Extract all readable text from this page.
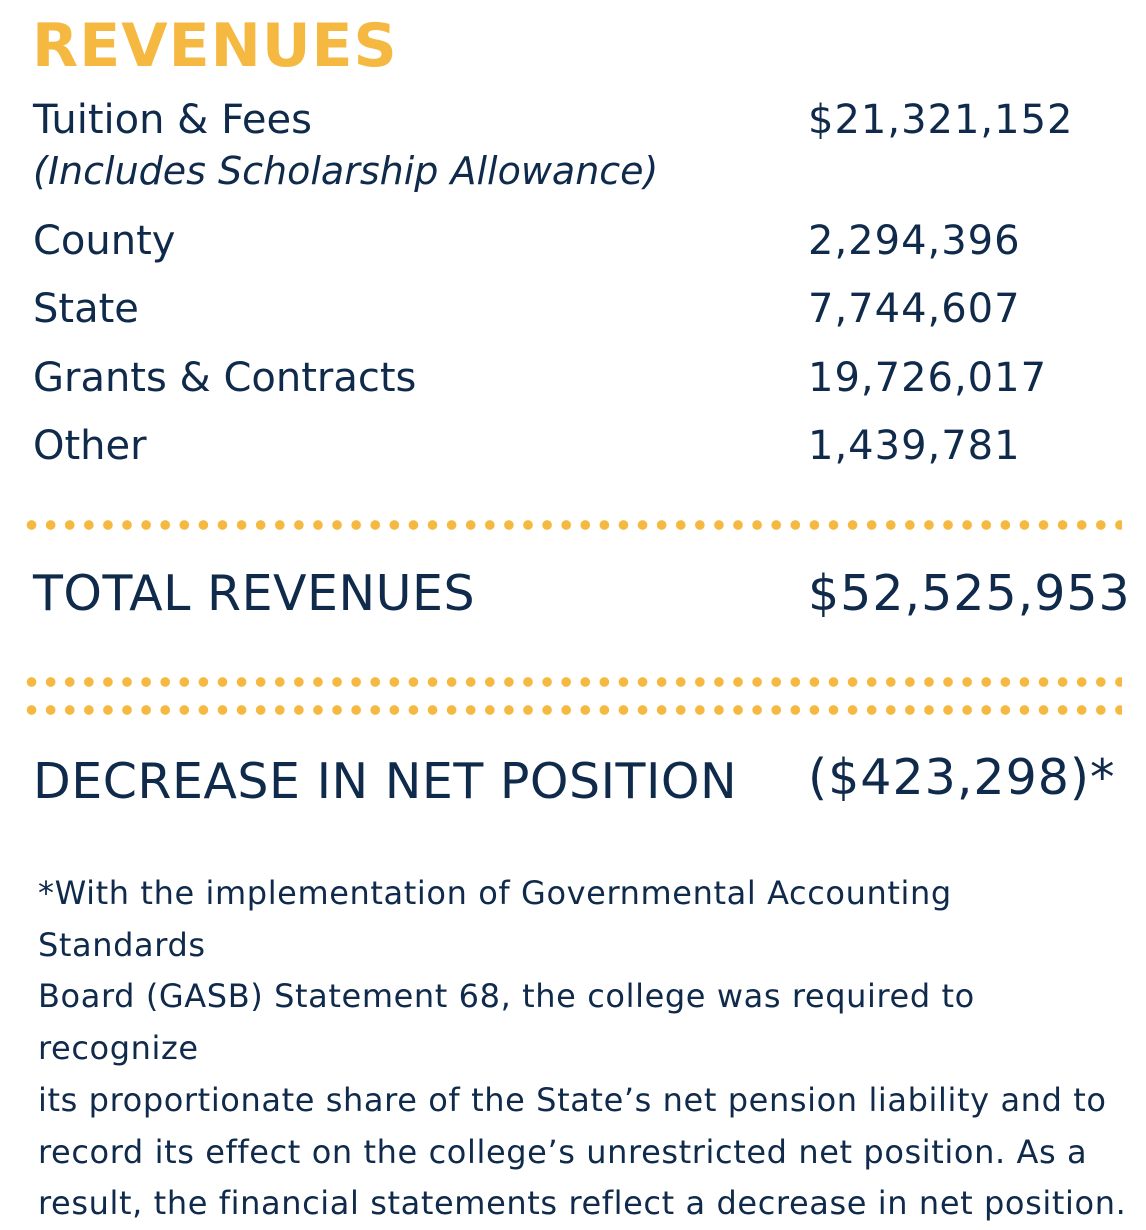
REVENUES
Tuition & Fees	$21,321,152
(Includes Scholarship Allowance)
County	2,294,396
State	7,744,607
Grants & Contracts	19,726,017
Other	1,439,781
TOTAL REVENUES	$52,525,953
DECREASE IN NET POSITION ($423,298)*
*With the implementation of Governmental Accounting Standards
Board (GASB) Statement 68, the college was required to recognize
its proportionate share of the State’s net pension liability and to
record its effect on the college’s unrestricted net position. As a
result, the financial statements reflect a decrease in net position.
